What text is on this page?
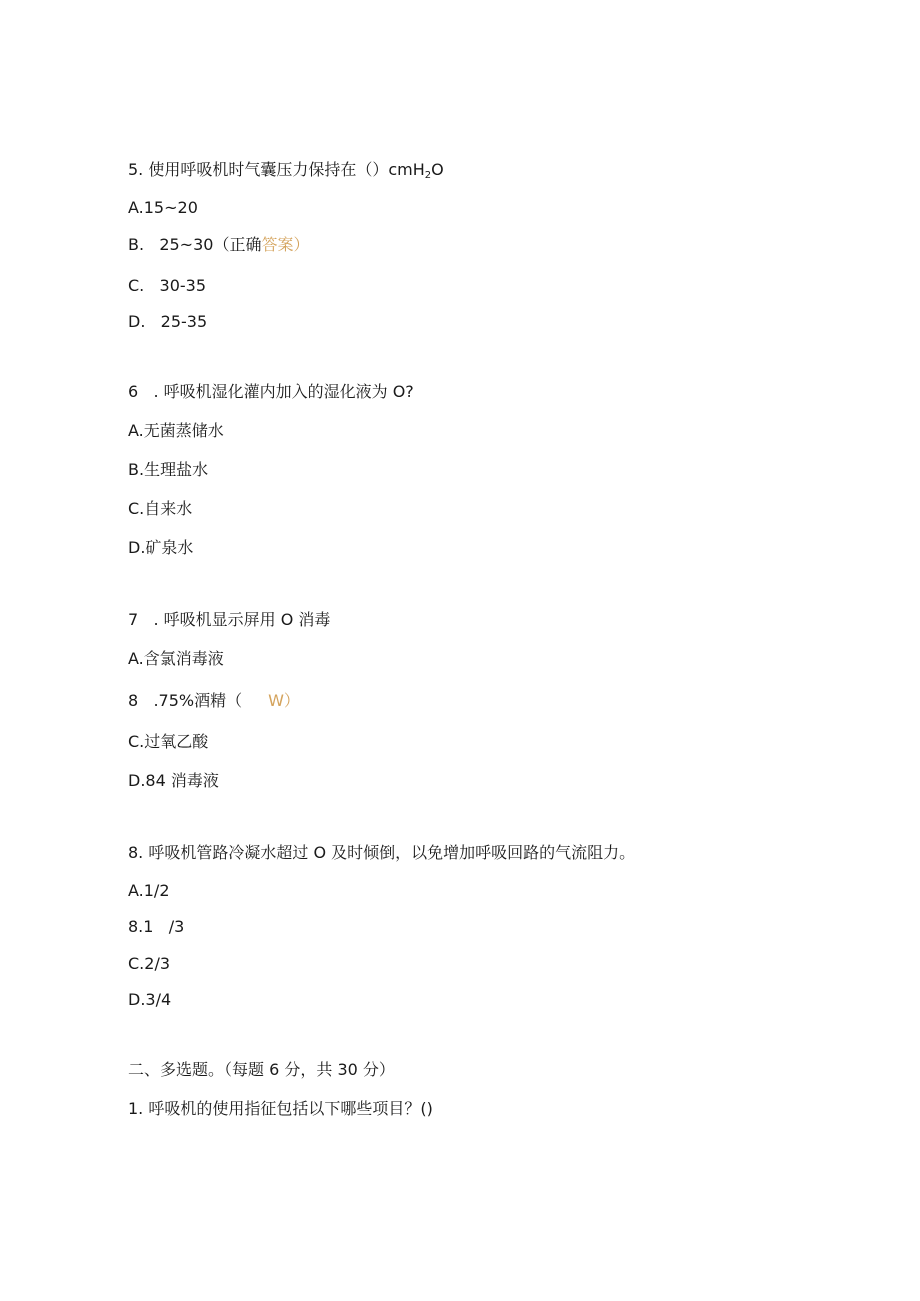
5. 使用呼吸机时气囊压力保持在（）cmH$_2$O
A.15~20
B.   25~30（正确答案）
C.   30-35
D.   25-35
6   . 呼吸机湿化灌内加入的湿化液为 O?
A.无菌蒸储水
B.生理盐水
C.自来水
D.矿泉水
7   . 呼吸机显示屏用 O 消毒
A.含氯消毒液
8   .75%酒精（ W）
C.过氧乙酸
D.84 消毒液
8. 呼吸机管路冷凝水超过 O 及时倾倒，以免增加呼吸回路的气流阻力。
A.1/2
8.1   /3
C.2/3
D.3/4
二、多选题。（每题 6 分，共 30 分）
1. 呼吸机的使用指征包括以下哪些项目？()
